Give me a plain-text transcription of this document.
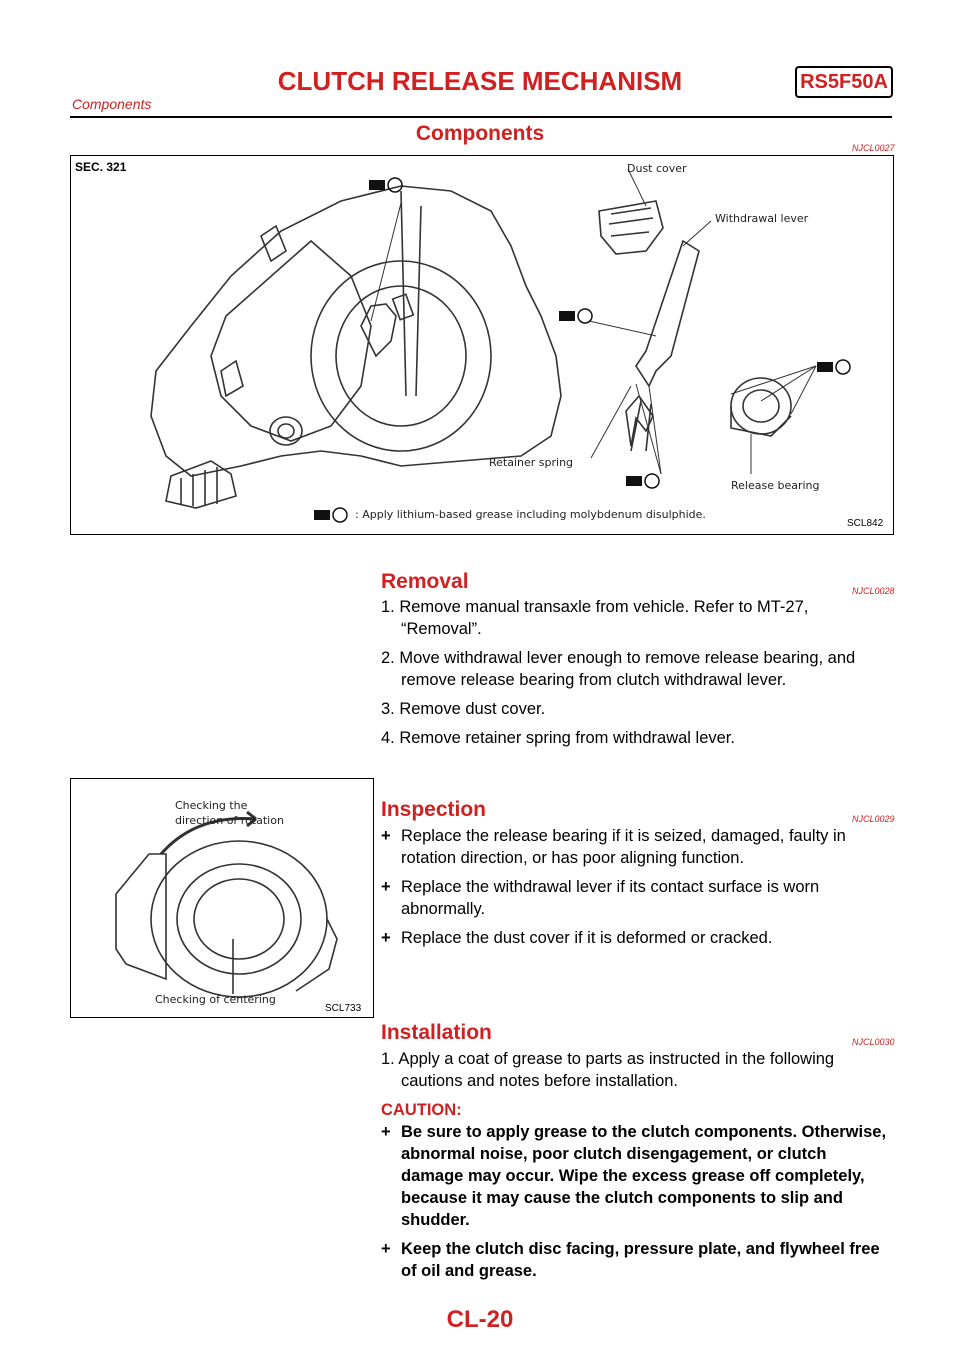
CLUTCH RELEASE MECHANISM	RS5F50A
Components
Components
NJCL0027
SEC. 321	Dust cover
Withdrawal lever
Retainer spring
Release bearing
: Apply lithium-based grease including molybdenum disulphide.
SCL842
Removal	NJCL0028
1. Remove manual transaxle from vehicle. Refer to MT-27, “Removal”.
2. Move withdrawal lever enough to remove release bearing, and remove release bearing from clutch withdrawal lever.
3. Remove dust cover.
4. Remove retainer spring from withdrawal lever.
Checking the
direction of rotation
Checking of centering
SCL733
Inspection	NJCL0029
+ Replace the release bearing if it is seized, damaged, faulty in rotation direction, or has poor aligning function.
+ Replace the withdrawal lever if its contact surface is worn abnormally.
+ Replace the dust cover if it is deformed or cracked.
Installation	NJCL0030
1. Apply a coat of grease to parts as instructed in the following cautions and notes before installation.
CAUTION:
+ Be sure to apply grease to the clutch components. Otherwise, abnormal noise, poor clutch disengagement, or clutch damage may occur. Wipe the excess grease off completely, because it may cause the clutch components to slip and shudder.
+ Keep the clutch disc facing, pressure plate, and flywheel free of oil and grease.
CL-20
